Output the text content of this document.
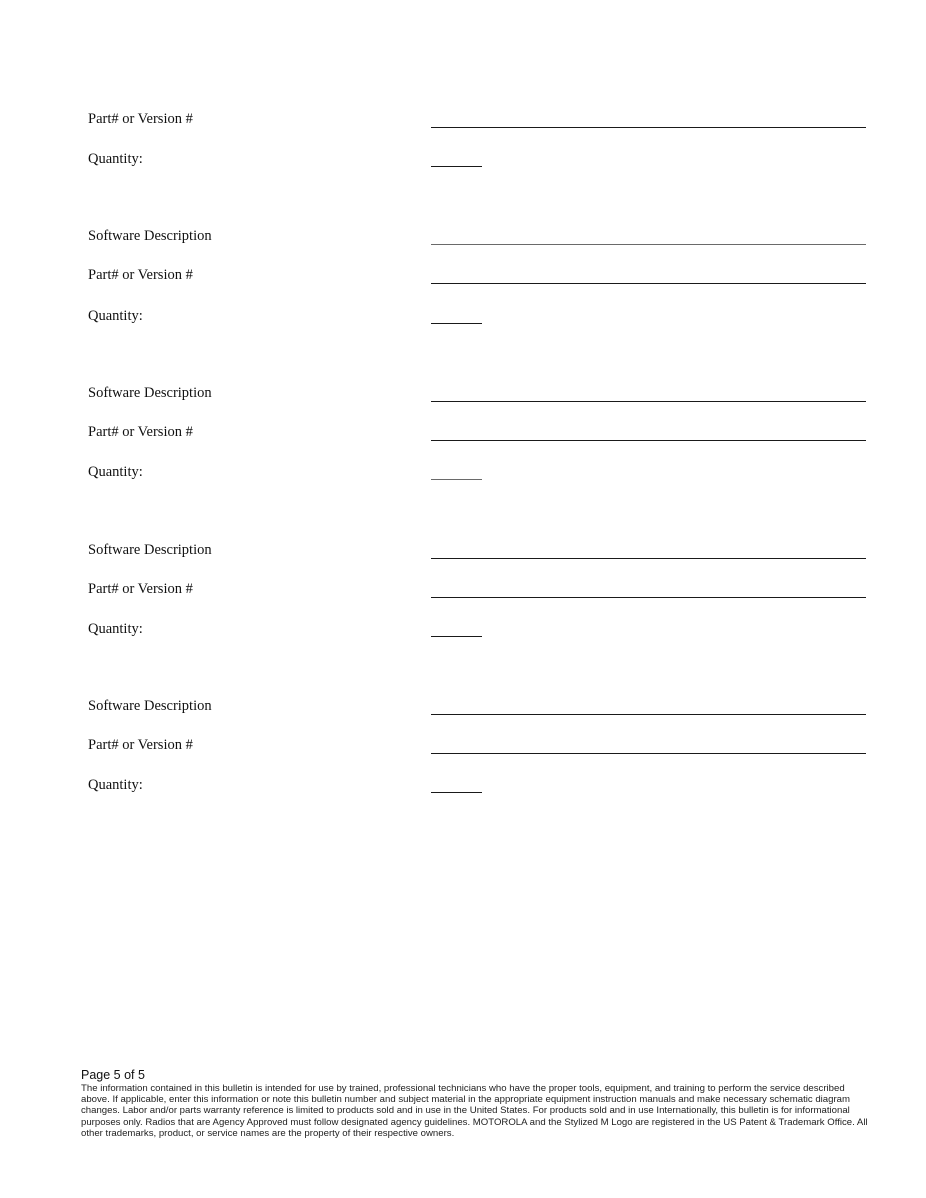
Part# or Version #
Quantity:
Software Description
Part# or Version #
Quantity:
Software Description
Part# or Version #
Quantity:
Software Description
Part# or Version #
Quantity:
Software Description
Part# or Version #
Quantity:
Page 5 of 5

The information contained in this bulletin is intended for use by trained, professional technicians who have the proper tools, equipment, and training to perform the service described above. If applicable, enter this information or note this bulletin number and subject material in the appropriate equipment instruction manuals and make necessary schematic diagram changes. Labor and/or parts warranty reference is limited to products sold and in use in the United States. For products sold and in use Internationally, this bulletin is for informational purposes only. Radios that are Agency Approved must follow designated agency guidelines. MOTOROLA and the Stylized M Logo are registered in the US Patent & Trademark Office. All other trademarks, product, or service names are the property of their respective owners.
